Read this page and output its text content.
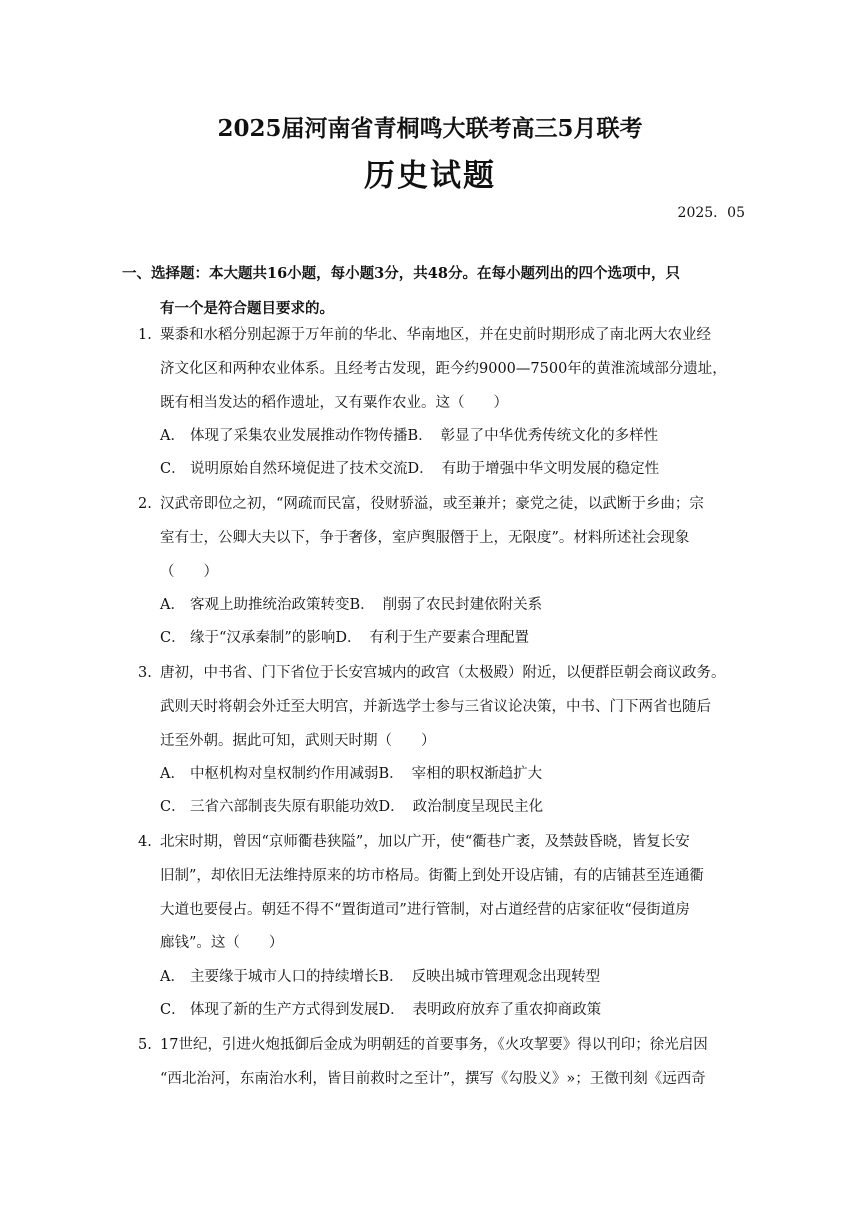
2025届河南省青桐鸣大联考高三5月联考
历史试题
2025．05
一、选择题：本大题共16小题，每小题3分，共48分。在每小题列出的四个选项中，只
有一个是符合题目要求的。
1. 粟黍和水稻分别起源于万年前的华北、华南地区，并在史前时期形成了南北两大农业经
济文化区和两种农业体系。且经考古发现，距今约9000—7500年的黄淮流域部分遗址，
既有相当发达的稻作遗址，又有粟作农业。这（　　）
A． 体现了采集农业发展推动作物传播B． 彰显了中华优秀传统文化的多样性
C． 说明原始自然环境促进了技术交流D． 有助于增强中华文明发展的稳定性
2. 汉武帝即位之初，“网疏而民富，役财骄溢，或至兼并；豪党之徒，以武断于乡曲；宗
室有士，公卿大夫以下，争于奢侈，室庐舆服僭于上，无限度”。材料所述社会现象
（　　）
A． 客观上助推统治政策转变B． 削弱了农民封建依附关系
C． 缘于“汉承秦制”的影响D． 有利于生产要素合理配置
3. 唐初，中书省、门下省位于长安宫城内的政宫（太极殿）附近，以便群臣朝会商议政务。
武则天时将朝会外迁至大明宫，并新选学士参与三省议论决策，中书、门下两省也随后
迁至外朝。据此可知，武则天时期（　　）
A． 中枢机构对皇权制约作用减弱B． 宰相的职权渐趋扩大
C． 三省六部制丧失原有职能功效D． 政治制度呈现民主化
4. 北宋时期，曾因“京师衢巷狭隘”，加以广开，使“衢巷广袤，及禁鼓昏晓，皆复长安
旧制”，却依旧无法维持原来的坊市格局。街衢上到处开设店铺，有的店铺甚至连通衢
大道也要侵占。朝廷不得不“置街道司”进行管制，对占道经营的店家征收“侵街道房
廊钱”。这（　　）
A． 主要缘于城市人口的持续增长B． 反映出城市管理观念出现转型
C． 体现了新的生产方式得到发展D． 表明政府放弃了重农抑商政策
5. 17世纪，引进火炮抵御后金成为明朝廷的首要事务，《火攻挈要》得以刊印；徐光启因
“西北治河，东南治水利，皆目前救时之至计”，撰写《勾股义》»；王徵刊刻《远西奇
